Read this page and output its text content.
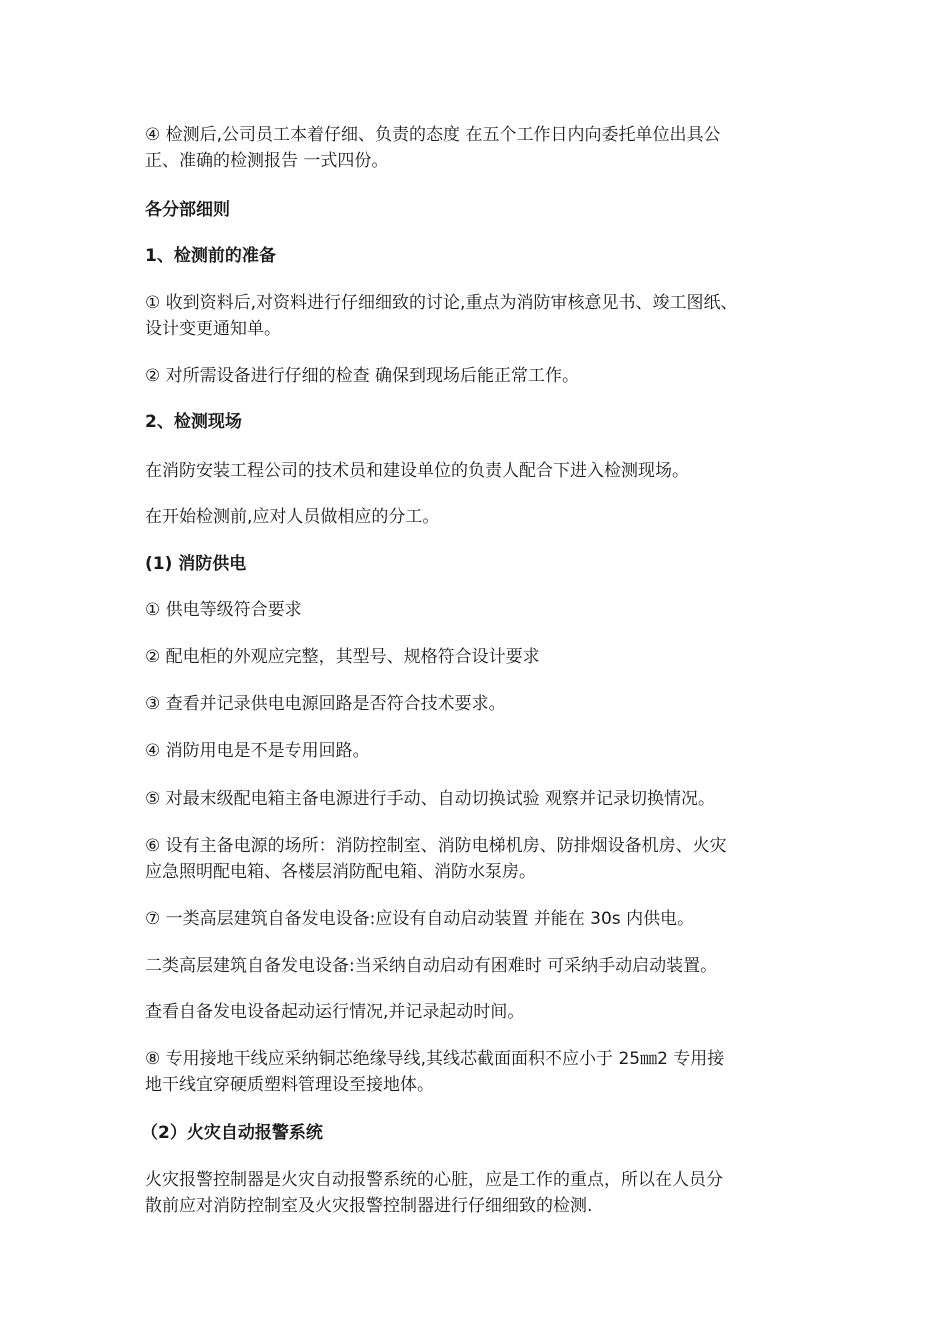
④ 检测后,公司员工本着仔细、负责的态度 在五个工作日内向委托单位出具公
正、准确的检测报告 一式四份。
各分部细则
1、检测前的准备
① 收到资料后,对资料进行仔细细致的讨论,重点为消防审核意见书、竣工图纸、
设计变更通知单。
② 对所需设备进行仔细的检查 确保到现场后能正常工作。
2、检测现场
在消防安装工程公司的技术员和建设单位的负责人配合下进入检测现场。
在开始检测前,应对人员做相应的分工。
(1) 消防供电
① 供电等级符合要求
② 配电柜的外观应完整，其型号、规格符合设计要求
③ 查看并记录供电电源回路是否符合技术要求。
④ 消防用电是不是专用回路。
⑤ 对最末级配电箱主备电源进行手动、自动切换试验 观察并记录切换情况。
⑥ 设有主备电源的场所：消防控制室、消防电梯机房、防排烟设备机房、火灾
应急照明配电箱、各楼层消防配电箱、消防水泵房。
⑦ 一类高层建筑自备发电设备:应设有自动启动装置 并能在 30s 内供电。
二类高层建筑自备发电设备:当采纳自动启动有困难时 可采纳手动启动装置。
查看自备发电设备起动运行情况,并记录起动时间。
⑧ 专用接地干线应采纳铜芯绝缘导线,其线芯截面面积不应小于 25㎜2 专用接
地干线宜穿硬质塑料管理设至接地体。
（2）火灾自动报警系统
火灾报警控制器是火灾自动报警系统的心脏，应是工作的重点，所以在人员分
散前应对消防控制室及火灾报警控制器进行仔细细致的检测.
